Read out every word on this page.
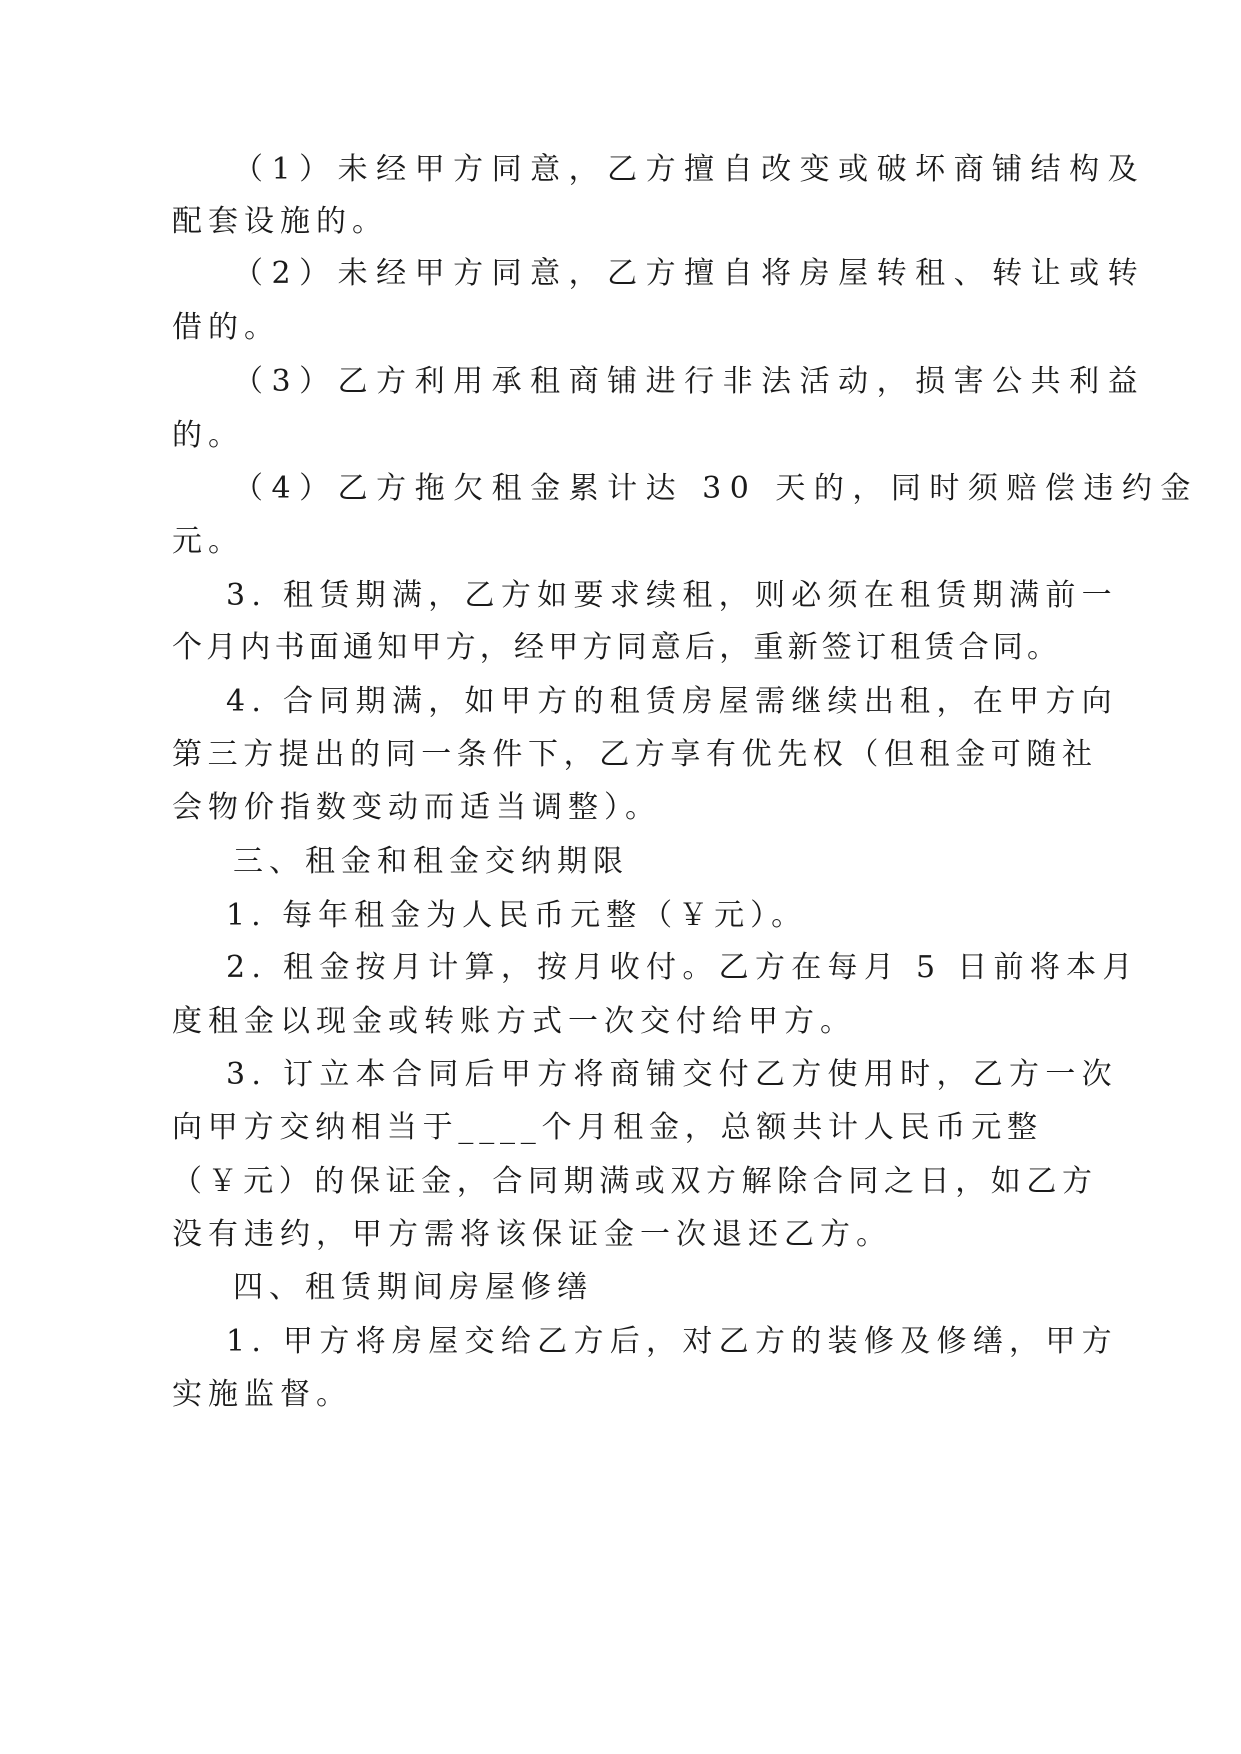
（1）未经甲方同意，乙方擅自改变或破坏商铺结构及
配套设施的。
（2）未经甲方同意，乙方擅自将房屋转租、转让或转
借的。
（3）乙方利用承租商铺进行非法活动，损害公共利益
的。
（4）乙方拖欠租金累计达 30 天的，同时须赔偿违约金
元。
3. 租赁期满，乙方如要求续租，则必须在租赁期满前一
个月内书面通知甲方，经甲方同意后，重新签订租赁合同。
4. 合同期满，如甲方的租赁房屋需继续出租，在甲方向
第三方提出的同一条件下，乙方享有优先权（但租金可随社
会物价指数变动而适当调整）。
三、租金和租金交纳期限
1. 每年租金为人民币元整（￥元）。
2. 租金按月计算，按月收付。乙方在每月 5 日前将本月
度租金以现金或转账方式一次交付给甲方。
3. 订立本合同后甲方将商铺交付乙方使用时，乙方一次
向甲方交纳相当于____个月租金，总额共计人民币元整
（￥元）的保证金，合同期满或双方解除合同之日，如乙方
没有违约，甲方需将该保证金一次退还乙方。
四、租赁期间房屋修缮
1. 甲方将房屋交给乙方后，对乙方的装修及修缮，甲方
实施监督。
